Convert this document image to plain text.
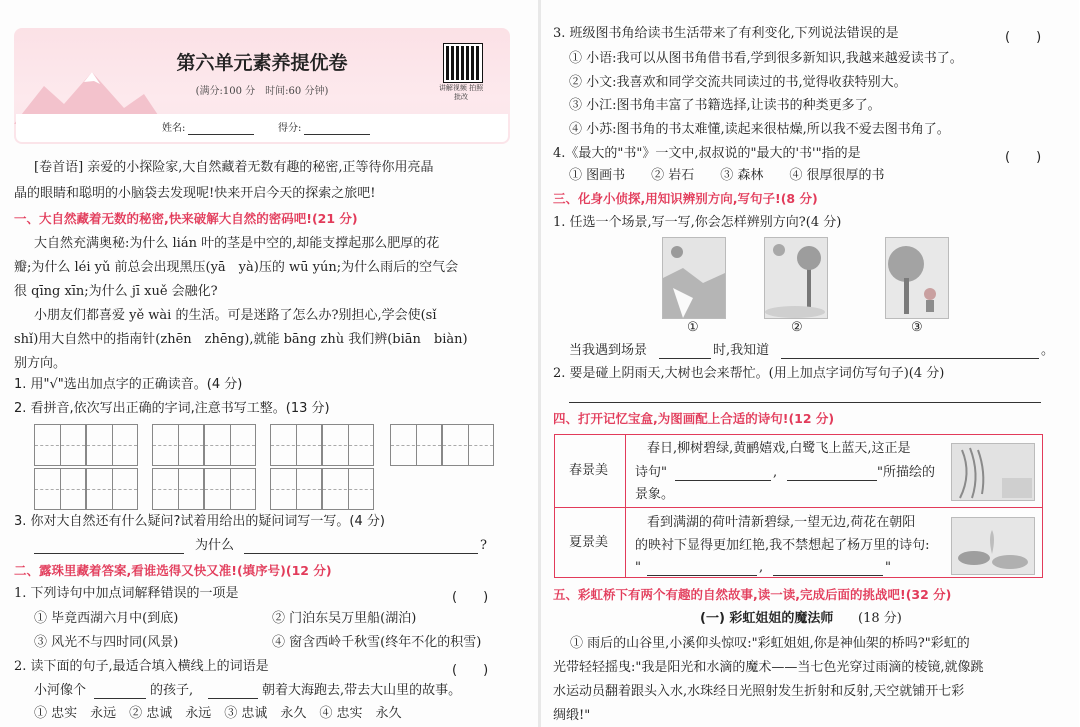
第六单元素养提优卷
(满分:100 分　时间:60 分钟)	讲解视频 拍照批改
姓名:	得分:
[卷首语] 亲爱的小探险家,大自然藏着无数有趣的秘密,正等待你用亮晶
晶的眼睛和聪明的小脑袋去发现呢!快来开启今天的探索之旅吧!
一、大自然藏着无数的秘密,快来破解大自然的密码吧!(21 分)
大自然充满奥秘:为什么 lián 叶的茎是中空的,却能支撑起那么肥厚的花
瓣;为什么 léi yǔ 前总会出现黑压(yā　yà)压的 wū yún;为什么雨后的空气会
很 qīng xīn;为什么 jī xuě 会融化?
小朋友们都喜爱 yě wài 的生活。可是迷路了怎么办?别担心,学会使(sǐ
shǐ)用大自然中的指南针(zhēn　zhēng),就能 bāng zhù 我们辨(biān　biàn)
别方向。
1. 用"√"选出加点字的正确读音。(4 分)
2. 看拼音,依次写出正确的字词,注意书写工整。(13 分)
3. 你对大自然还有什么疑问?试着用给出的疑问词写一写。(4 分)
为什么	?
二、露珠里藏着答案,看谁选得又快又准!(填序号)(12 分)
1. 下列诗句中加点词解释错误的一项是	(　　)
① 毕竟西湖六月中(到底)	② 门泊东吴万里船(湖泊)
③ 风光不与四时同(风景)	④ 窗含西岭千秋雪(终年不化的积雪)
2. 读下面的句子,最适合填入横线上的词语是	(　　)
小河像个	的孩子,	朝着大海跑去,带去大山里的故事。
① 忠实　永远　② 忠诚　永远　③ 忠诚　永久　④ 忠实　永久
3. 班级图书角给读书生活带来了有利变化,下列说法错误的是	(　　)
① 小语:我可以从图书角借书看,学到很多新知识,我越来越爱读书了。
② 小文:我喜欢和同学交流共同读过的书,觉得收获特别大。
③ 小江:图书角丰富了书籍选择,让读书的种类更多了。
④ 小苏:图书角的书太难懂,读起来很枯燥,所以我不爱去图书角了。
4.《最大的"书"》一文中,叔叔说的"最大的'书'"指的是	(　　)
① 图画书　　② 岩石　　③ 森林　　④ 很厚很厚的书
三、化身小侦探,用知识辨别方向,写句子!(8 分)
1. 任选一个场景,写一写,你会怎样辨别方向?(4 分)
①	②	③
当我遇到场景	时,我知道	。
2. 要是碰上阴雨天,大树也会来帮忙。(用上加点字词仿写句子)(4 分)
四、打开记忆宝盒,为图画配上合适的诗句!(12 分)
春景美
春日,柳树碧绿,黄鹂嬉戏,白鹭飞上蓝天,这正是
诗句"	,	"所描绘的
景象。
夏景美
看到满湖的荷叶清新碧绿,一望无边,荷花在朝阳
的映衬下显得更加红艳,我不禁想起了杨万里的诗句:
"	,	"
五、彩虹桥下有两个有趣的自然故事,读一读,完成后面的挑战吧!(32 分)
(一) 彩虹姐姐的魔法师 (18 分)
① 雨后的山谷里,小溪仰头惊叹:"彩虹姐姐,你是神仙架的桥吗?"彩虹的
光带轻轻摇曳:"我是阳光和水滴的魔术——当七色光穿过雨滴的棱镜,就像跳
水运动员翻着跟头入水,水珠经日光照射发生折射和反射,天空就铺开七彩
绸缎!"
